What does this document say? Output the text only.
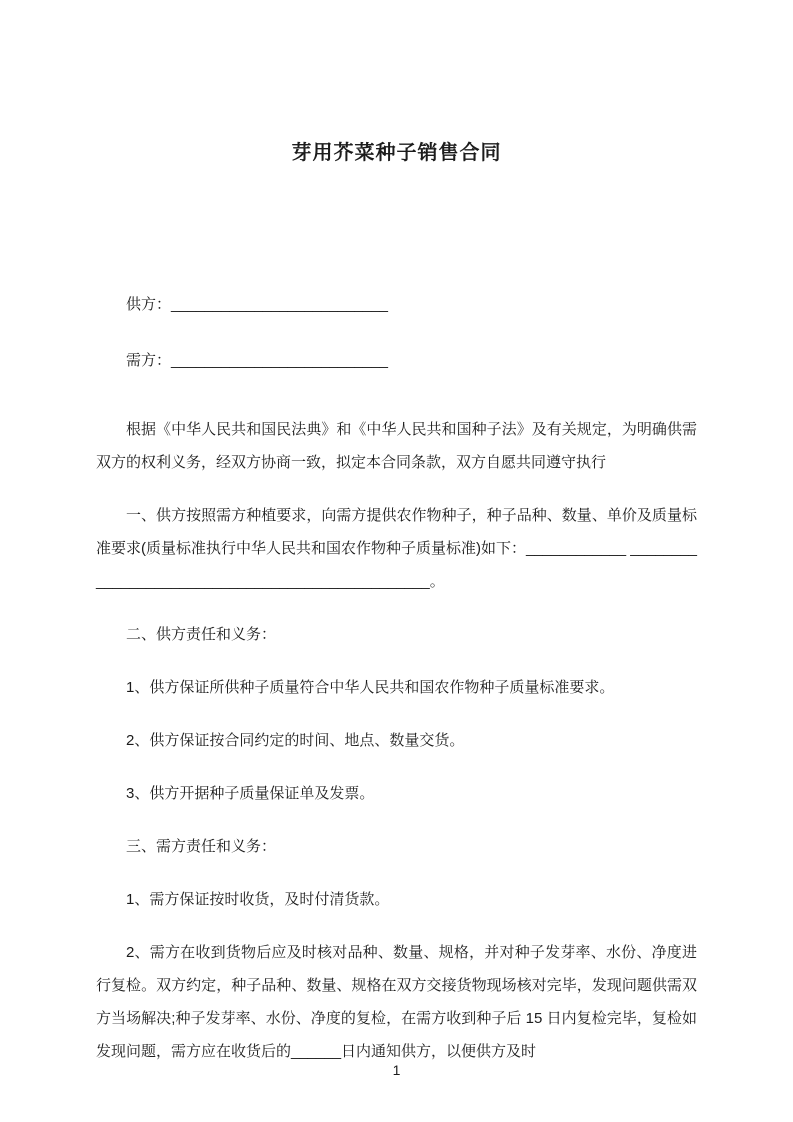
芽用芥菜种子销售合同

供方：__________________________

需方：__________________________

根据《中华人民共和国民法典》和《中华人民共和国种子法》及有关规定，为明确供需双方的权利义务，经双方协商一致，拟定本合同条款，双方自愿共同遵守执行

一、供方按照需方种植要求，向需方提供农作物种子，种子品种、数量、单价及质量标准要求(质量标准执行中华人民共和国农作物种子质量标准)如下：____________ ________________________________________________。

二、供方责任和义务：

1、供方保证所供种子质量符合中华人民共和国农作物种子质量标准要求。

2、供方保证按合同约定的时间、地点、数量交货。

3、供方开据种子质量保证单及发票。

三、需方责任和义务：

1、需方保证按时收货，及时付清货款。

2、需方在收到货物后应及时核对品种、数量、规格，并对种子发芽率、水份、净度进行复检。双方约定，种子品种、数量、规格在双方交接货物现场核对完毕，发现问题供需双方当场解决;种子发芽率、水份、净度的复检，在需方收到种子后 15 日内复检完毕，复检如发现问题，需方应在收货后的______日内通知供方，以便供方及时

1
